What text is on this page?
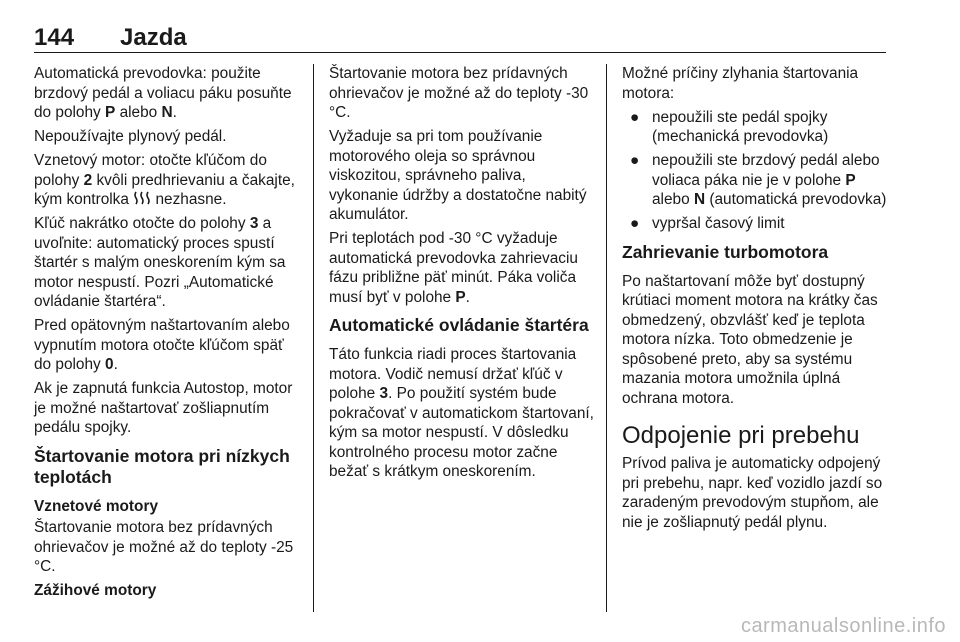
144	Jazda

Automatická prevodovka: použite brzdový pedál a voliacu páku posuňte do polohy P alebo N.

Nepoužívajte plynový pedál.

Vznetový motor: otočte kľúčom do polohy 2 kvôli predhrievaniu a čakajte, kým kontrolka  nezhasne.

Kľúč nakrátko otočte do polohy 3 a uvoľnite: automatický proces spustí štartér s malým oneskorením kým sa motor nespustí. Pozri „Automatické ovládanie štartéra“.

Pred opätovným naštartovaním alebo vypnutím motora otočte kľúčom späť do polohy 0.

Ak je zapnutá funkcia Autostop, motor je možné naštartovať zošliapnutím pedálu spojky.

Štartovanie motora pri nízkych teplotách
Vznetové motory

Štartovanie motora bez prídavných ohrievačov je možné až do teploty -25 °C.

Zážihové motory

Štartovanie motora bez prídavných ohrievačov je možné až do teploty -30 °C.

Vyžaduje sa pri tom používanie motorového oleja so správnou viskozitou, správneho paliva, vykonanie údržby a dostatočne nabitý akumulátor.

Pri teplotách pod -30 °C vyžaduje automatická prevodovka zahrievaciu fázu približne päť minút. Páka voliča musí byť v polohe P.

Automatické ovládanie štartéra

Táto funkcia riadi proces štartovania motora. Vodič nemusí držať kľúč v polohe 3. Po použití systém bude pokračovať v automatickom štartovaní, kým sa motor nespustí. V dôsledku kontrolného procesu motor začne bežať s krátkym oneskorením.

Možné príčiny zlyhania štartovania motora:

● nepoužili ste pedál spojky (mechanická prevodovka)
● nepoužili ste brzdový pedál alebo voliaca páka nie je v polohe P alebo N (automatická prevodovka)
● vypršal časový limit
Zahrievanie turbomotora

Po naštartovaní môže byť dostupný krútiaci moment motora na krátky čas obmedzený, obzvlášť keď je teplota motora nízka. Toto obmedzenie je spôsobené preto, aby sa systému mazania motora umožnila úplná ochrana motora.

Odpojenie pri prebehu

Prívod paliva je automaticky odpojený pri prebehu, napr. keď vozidlo jazdí so zaradeným prevodovým stupňom, ale nie je zošliapnutý pedál plynu.

carmanualsonline.info
